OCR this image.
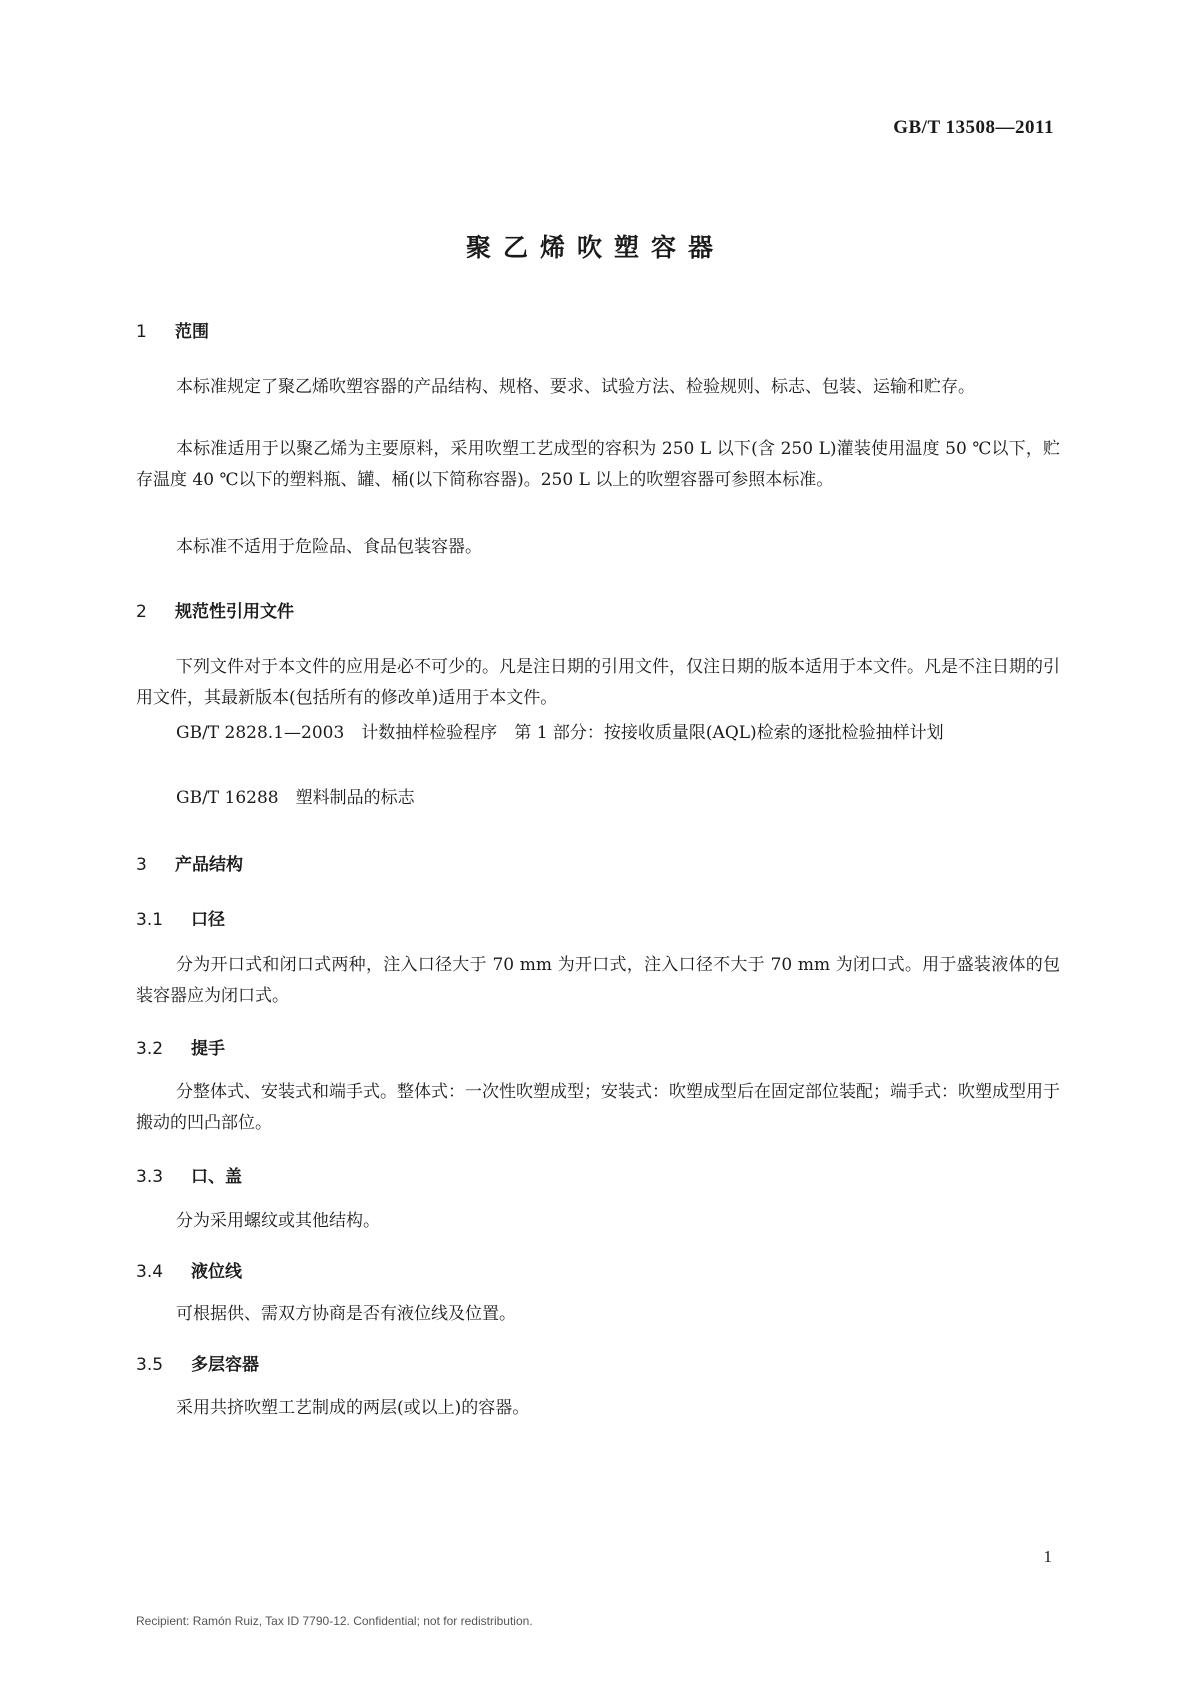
GB/T 13508—2011
聚乙烯吹塑容器
1 范围
本标准规定了聚乙烯吹塑容器的产品结构、规格、要求、试验方法、检验规则、标志、包装、运输和贮存。
本标准适用于以聚乙烯为主要原料，采用吹塑工艺成型的容积为 250 L 以下(含 250 L)灌装使用温度 50 ℃以下，贮存温度 40 ℃以下的塑料瓶、罐、桶(以下简称容器)。250 L 以上的吹塑容器可参照本标准。
本标准不适用于危险品、食品包装容器。
2 规范性引用文件
下列文件对于本文件的应用是必不可少的。凡是注日期的引用文件，仅注日期的版本适用于本文件。凡是不注日期的引用文件，其最新版本(包括所有的修改单)适用于本文件。
GB/T 2828.1—2003　计数抽样检验程序　第 1 部分：按接收质量限(AQL)检索的逐批检验抽样计划
GB/T 16288　塑料制品的标志
3 产品结构
3.1 口径
分为开口式和闭口式两种，注入口径大于 70 mm 为开口式，注入口径不大于 70 mm 为闭口式。用于盛装液体的包装容器应为闭口式。
3.2 提手
分整体式、安装式和端手式。整体式：一次性吹塑成型；安装式：吹塑成型后在固定部位装配；端手式：吹塑成型用于搬动的凹凸部位。
3.3 口、盖
分为采用螺纹或其他结构。
3.4 液位线
可根据供、需双方协商是否有液位线及位置。
3.5 多层容器
采用共挤吹塑工艺制成的两层(或以上)的容器。
1
Recipient: Ramón Ruiz, Tax ID 7790-12. Confidential; not for redistribution.
